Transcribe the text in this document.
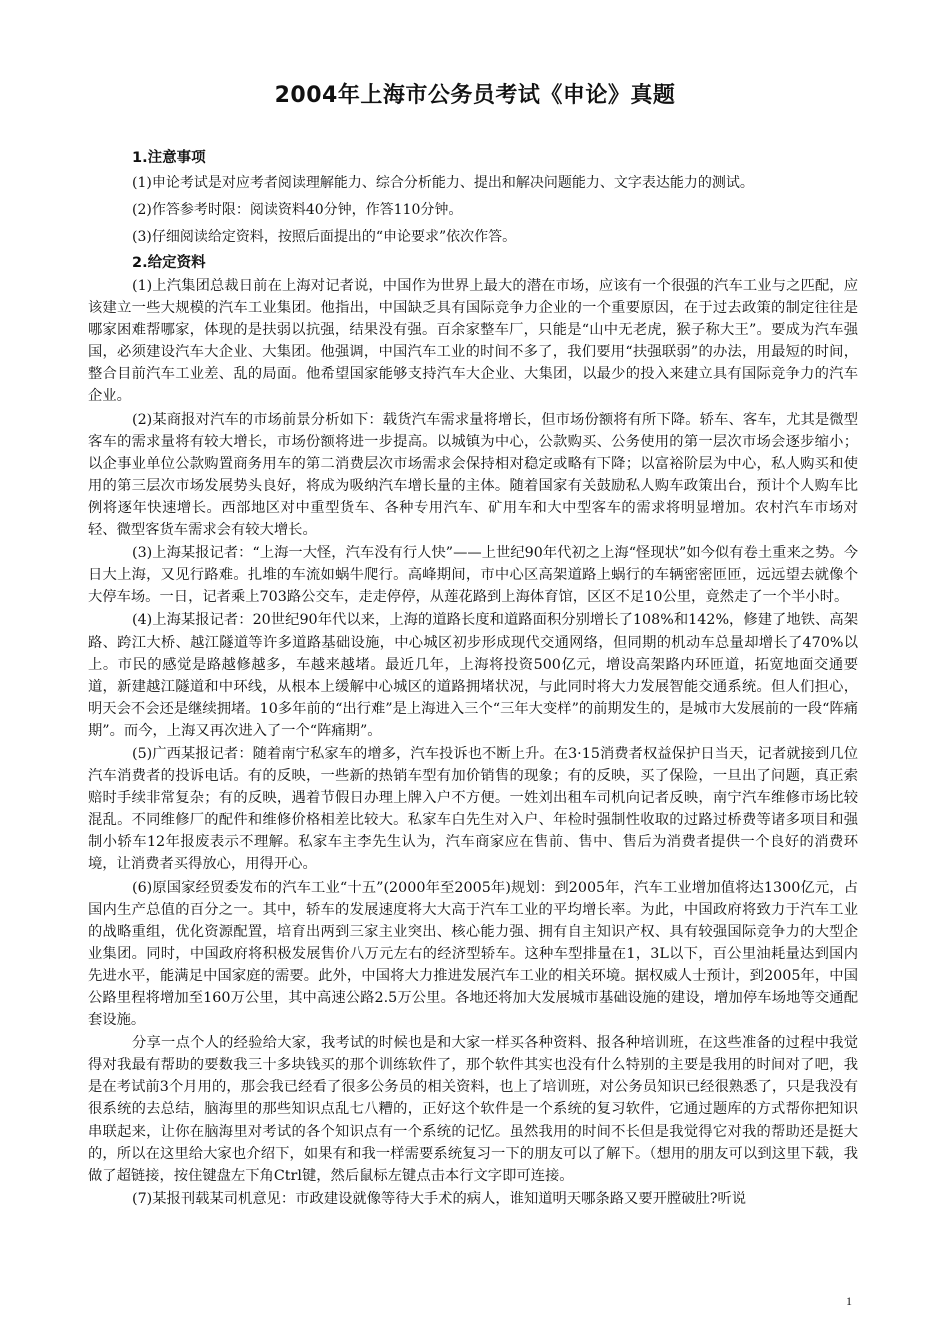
2004年上海市公务员考试《申论》真题

1.注意事项

(1)申论考试是对应考者阅读理解能力、综合分析能力、提出和解决问题能力、文字表达能力的测试。

(2)作答参考时限：阅读资料40分钟，作答110分钟。

(3)仔细阅读给定资料，按照后面提出的“申论要求”依次作答。

2.给定资料

(1)上汽集团总裁日前在上海对记者说，中国作为世界上最大的潜在市场，应该有一个很强的汽车工业与之匹配，应该建立一些大规模的汽车工业集团。他指出，中国缺乏具有国际竞争力企业的一个重要原因，在于过去政策的制定往往是哪家困难帮哪家，体现的是扶弱以抗强，结果没有强。百余家整车厂，只能是“山中无老虎，猴子称大王”。要成为汽车强国，必须建设汽车大企业、大集团。他强调，中国汽车工业的时间不多了，我们要用“扶强联弱”的办法，用最短的时间，整合目前汽车工业差、乱的局面。他希望国家能够支持汽车大企业、大集团，以最少的投入来建立具有国际竞争力的汽车企业。

(2)某商报对汽车的市场前景分析如下：载货汽车需求量将增长，但市场份额将有所下降。轿车、客车，尤其是微型客车的需求量将有较大增长，市场份额将进一步提高。以城镇为中心，公款购买、公务使用的第一层次市场会逐步缩小；以企事业单位公款购置商务用车的第二消费层次市场需求会保持相对稳定或略有下降；以富裕阶层为中心，私人购买和使用的第三层次市场发展势头良好，将成为吸纳汽车增长量的主体。随着国家有关鼓励私人购车政策出台，预计个人购车比例将逐年快速增长。西部地区对中重型货车、各种专用汽车、矿用车和大中型客车的需求将明显增加。农村汽车市场对轻、微型客货车需求会有较大增长。

(3)上海某报记者：“上海一大怪，汽车没有行人快”——上世纪90年代初之上海“怪现状”如今似有卷土重来之势。今日大上海，又见行路难。扎堆的车流如蜗牛爬行。高峰期间，市中心区高架道路上蜗行的车辆密密匝匝，远远望去就像个大停车场。一日，记者乘上703路公交车，走走停停，从莲花路到上海体育馆，区区不足10公里，竟然走了一个半小时。

(4)上海某报记者：20世纪90年代以来，上海的道路长度和道路面积分别增长了108%和142%，修建了地铁、高架路、跨江大桥、越江隧道等许多道路基础设施，中心城区初步形成现代交通网络，但同期的机动车总量却增长了470%以上。市民的感觉是路越修越多，车越来越堵。最近几年，上海将投资500亿元，增设高架路内环匝道，拓宽地面交通要道，新建越江隧道和中环线，从根本上缓解中心城区的道路拥堵状况，与此同时将大力发展智能交通系统。但人们担心，明天会不会还是继续拥堵。10多年前的“出行难”是上海进入三个“三年大变样”的前期发生的，是城市大发展前的一段“阵痛期”。而今，上海又再次进入了一个“阵痛期”。

(5)广西某报记者：随着南宁私家车的增多，汽车投诉也不断上升。在3·15消费者权益保护日当天，记者就接到几位汽车消费者的投诉电话。有的反映，一些新的热销车型有加价销售的现象；有的反映，买了保险，一旦出了问题，真正索赔时手续非常复杂；有的反映，遇着节假日办理上牌入户不方便。一姓刘出租车司机向记者反映，南宁汽车维修市场比较混乱。不同维修厂的配件和维修价格相差比较大。私家车白先生对入户、年检时强制性收取的过路过桥费等诸多项目和强制小轿车12年报废表示不理解。私家车主李先生认为，汽车商家应在售前、售中、售后为消费者提供一个良好的消费环境，让消费者买得放心，用得开心。

(6)原国家经贸委发布的汽车工业“十五”(2000年至2005年)规划：到2005年，汽车工业增加值将达1300亿元，占国内生产总值的百分之一。其中，轿车的发展速度将大大高于汽车工业的平均增长率。为此，中国政府将致力于汽车工业的战略重组，优化资源配置，培育出两到三家主业突出、核心能力强、拥有自主知识产权、具有较强国际竞争力的大型企业集团。同时，中国政府将积极发展售价八万元左右的经济型轿车。这种车型排量在1，3L以下，百公里油耗量达到国内先进水平，能满足中国家庭的需要。此外，中国将大力推进发展汽车工业的相关环境。据权威人士预计，到2005年，中国公路里程将增加至160万公里，其中高速公路2.5万公里。各地还将加大发展城市基础设施的建设，增加停车场地等交通配套设施。

分享一点个人的经验给大家，我考试的时候也是和大家一样买各种资料、报各种培训班，在这些准备的过程中我觉得对我最有帮助的要数我三十多块钱买的那个训练软件了，那个软件其实也没有什么特别的主要是我用的时间对了吧，我是在考试前3个月用的，那会我已经看了很多公务员的相关资料，也上了培训班，对公务员知识已经很熟悉了，只是我没有很系统的去总结，脑海里的那些知识点乱七八糟的，正好这个软件是一个系统的复习软件，它通过题库的方式帮你把知识串联起来，让你在脑海里对考试的各个知识点有一个系统的记忆。虽然我用的时间不长但是我觉得它对我的帮助还是挺大的，所以在这里给大家也介绍下，如果有和我一样需要系统复习一下的朋友可以了解下。（想用的朋友可以到这里下载，我做了超链接，按住键盘左下角Ctrl键，然后鼠标左键点击本行文字即可连接。

(7)某报刊载某司机意见：市政建设就像等待大手术的病人，谁知道明天哪条路又要开膛破肚?听说

1
